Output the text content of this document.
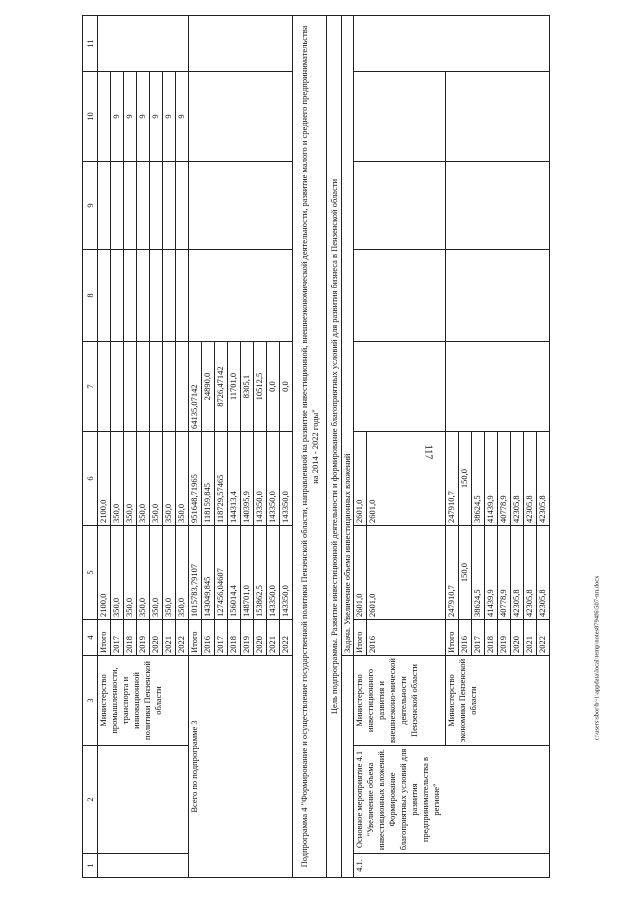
117
c:\users\sbor\b~1\appdata\local\temp\notes8794f6\507-пп.docx
1	2	3	4	5	6	7	8	9	10	11
		Министерство промышленности, транспорта и инновационной политики Пензенской области	Итого	2100,0	2100,0					
			2017	350,0	350,0				9	
			2018	350,0	350,0				9	
			2019	350,0	350,0				9	
			2020	350,0	350,0				9	
			2021	350,0	350,0				9	
			2022	350,0	350,0				9	
Всего по подпрограмме 3			Итого	1015783,79107	951648,71965	64135,07142				
			2016	143049,845	118159,845	24890,0				
			2017	127456,04607	118729,57465	8726,47142				
			2018	156014,4	144313,4	11701,0				
			2019	148701,0	140395,9	8305,1				
			2020	153862,5	143350,0	10512,5				
			2021	143350,0	143350,0	0,0				
			2022	143350,0	143350,0	0,0				
Подпрограмма 4 "Формирование и осуществление государственной политики Пензенской области, направленной на развитие инвестиционной, внешнеэкономической деятельности, развитие малого и среднего предпринимательства на 2014 - 2022 годы"										
Цель подпрограммы. Развитие инвестиционной деятельности и формирование благоприятных условий для развития бизнеса в Пензенской области										
			Задача. Увеличение объема инвестиционных вложений							
4.1.	Основное мероприятие 4.1 "Увеличение объема инвестиционных вложений. Формирование благоприятных условий для развития предпринимательства в регионе"	Министерство инвестиционного развития и внешнеэконо-мической деятельности Пензенской области	Итого	2601,0	2601,0					
			2016	2601,0	2601,0					
		Министерство экономики Пензенской области	Итого	247910,7	247910,7					
			2016	150,0	150,0					
			2017	38624,5	38624,5					
			2018	41439,9	41439,9					
			2019	40778,9	40778,9					
			2020	42305,8	42305,8					
			2021	42305,8	42305,8					
			2022	42305,8	42305,8					
